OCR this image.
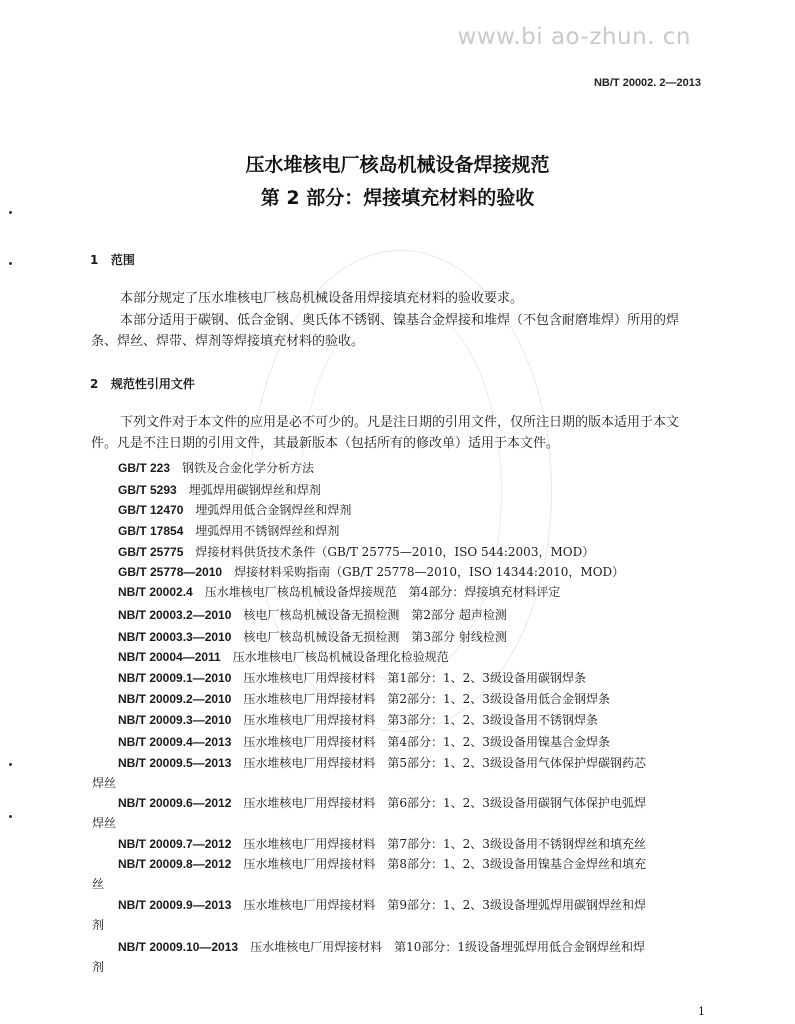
www.bi ao-zhun. cn
NB/T 20002. 2—2013
压水堆核电厂核岛机械设备焊接规范
第 2 部分：焊接填充材料的验收
1 范围
本部分规定了压水堆核电厂核岛机械设备用焊接填充材料的验收要求。
本部分适用于碳钢、低合金钢、奥氏体不锈钢、镍基合金焊接和堆焊（不包含耐磨堆焊）所用的焊
条、焊丝、焊带、焊剂等焊接填充材料的验收。
2 规范性引用文件
下列文件对于本文件的应用是必不可少的。凡是注日期的引用文件，仅所注日期的版本适用于本文
件。凡是不注日期的引用文件，其最新版本（包括所有的修改单）适用于本文件。
GB/T 223 钢铁及合金化学分析方法
GB/T 5293 埋弧焊用碳钢焊丝和焊剂
GB/T 12470 埋弧焊用低合金钢焊丝和焊剂
GB/T 17854 埋弧焊用不锈钢焊丝和焊剂
GB/T 25775 焊接材料供货技术条件（GB/T 25775—2010，ISO 544:2003，MOD）
GB/T 25778—2010 焊接材料采购指南（GB/T 25778—2010，ISO 14344:2010，MOD）
NB/T 20002.4 压水堆核电厂核岛机械设备焊接规范　第4部分：焊接填充材料评定
NB/T 20003.2—2010 核电厂核岛机械设备无损检测　第2部分 超声检测
NB/T 20003.3—2010 核电厂核岛机械设备无损检测　第3部分 射线检测
NB/T 20004—2011 压水堆核电厂核岛机械设备理化检验规范
NB/T 20009.1—2010 压水堆核电厂用焊接材料　第1部分：1、2、3级设备用碳钢焊条
NB/T 20009.2—2010 压水堆核电厂用焊接材料　第2部分：1、2、3级设备用低合金钢焊条
NB/T 20009.3—2010 压水堆核电厂用焊接材料　第3部分：1、2、3级设备用不锈钢焊条
NB/T 20009.4—2013 压水堆核电厂用焊接材料　第4部分：1、2、3级设备用镍基合金焊条
NB/T 20009.5—2013 压水堆核电厂用焊接材料　第5部分：1、2、3级设备用气体保护焊碳钢药芯
焊丝
NB/T 20009.6—2012 压水堆核电厂用焊接材料　第6部分：1、2、3级设备用碳钢气体保护电弧焊
焊丝
NB/T 20009.7—2012 压水堆核电厂用焊接材料　第7部分：1、2、3级设备用不锈钢焊丝和填充丝
NB/T 20009.8—2012 压水堆核电厂用焊接材料　第8部分：1、2、3级设备用镍基合金焊丝和填充
丝
NB/T 20009.9—2013 压水堆核电厂用焊接材料　第9部分：1、2、3级设备埋弧焊用碳钢焊丝和焊
剂
NB/T 20009.10—2013 压水堆核电厂用焊接材料　第10部分：1级设备埋弧焊用低合金钢焊丝和焊
剂
1
